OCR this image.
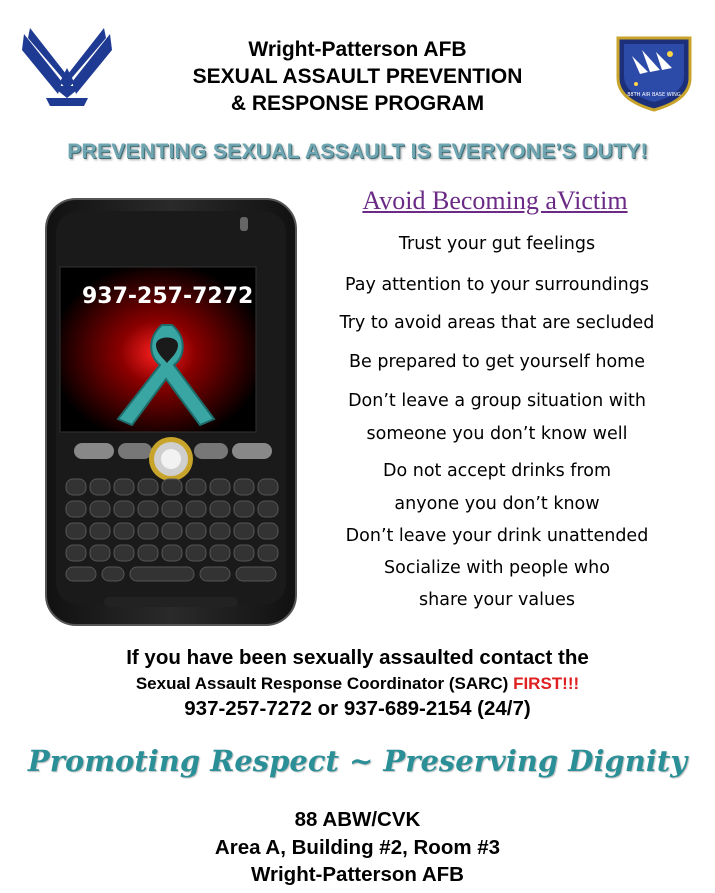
88TH AIR BASE WING
Wright-Patterson AFB
SEXUAL ASSAULT PREVENTION
& RESPONSE PROGRAM
PREVENTING SEXUAL ASSAULT IS EVERYONE’S DUTY!
937-257-7272
Avoid Becoming aVictim
Trust your gut feelings
Pay attention to your surroundings
Try to avoid areas that are secluded
Be prepared to get yourself home
Don’t leave a group situation with
someone you don’t know well
Do not accept drinks from
anyone you don’t know
Don’t leave your drink unattended
Socialize with people who
share your values
If you have been sexually assaulted contact the
Sexual Assault Response Coordinator (SARC) FIRST!!!
937-257-7272 or 937-689-2154 (24/7)
Promoting Respect ~ Preserving Dignity
88 ABW/CVK
Area A, Building #2, Room #3
Wright-Patterson AFB
